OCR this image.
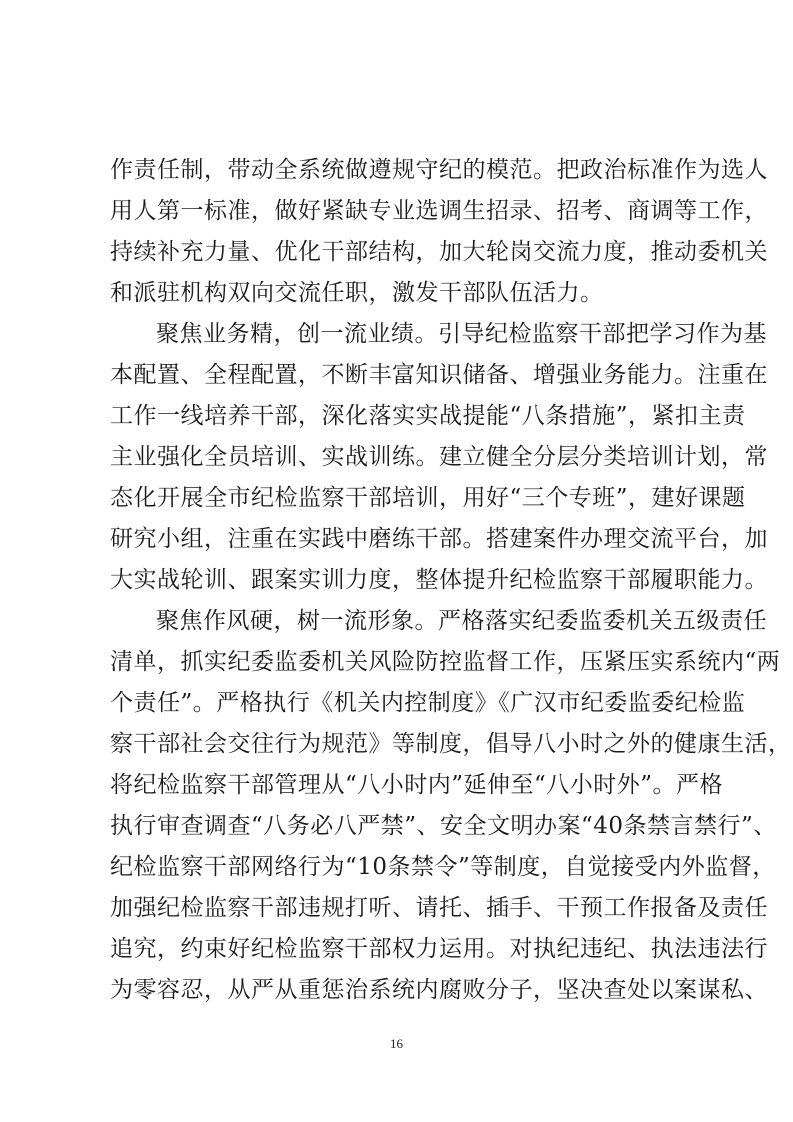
作责任制，带动全系统做遵规守纪的模范。把政治标准作为选人
用人第一标准，做好紧缺专业选调生招录、招考、商调等工作，
持续补充力量、优化干部结构，加大轮岗交流力度，推动委机关
和派驻机构双向交流任职，激发干部队伍活力。
聚焦业务精，创一流业绩。引导纪检监察干部把学习作为基
本配置、全程配置，不断丰富知识储备、增强业务能力。注重在
工作一线培养干部，深化落实实战提能“八条措施”，紧扣主责
主业强化全员培训、实战训练。建立健全分层分类培训计划，常
态化开展全市纪检监察干部培训，用好“三个专班”，建好课题
研究小组，注重在实践中磨练干部。搭建案件办理交流平台，加
大实战轮训、跟案实训力度，整体提升纪检监察干部履职能力。
聚焦作风硬，树一流形象。严格落实纪委监委机关五级责任
清单，抓实纪委监委机关风险防控监督工作，压紧压实系统内“两
个责任”。严格执行《机关内控制度》《广汉市纪委监委纪检监
察干部社会交往行为规范》等制度，倡导八小时之外的健康生活，
将纪检监察干部管理从“八小时内”延伸至“八小时外”。严格
执行审查调查“八务必八严禁”、安全文明办案“40条禁言禁行”、
纪检监察干部网络行为“10条禁令”等制度，自觉接受内外监督，
加强纪检监察干部违规打听、请托、插手、干预工作报备及责任
追究，约束好纪检监察干部权力运用。对执纪违纪、执法违法行
为零容忍，从严从重惩治系统内腐败分子，坚决查处以案谋私、
16
